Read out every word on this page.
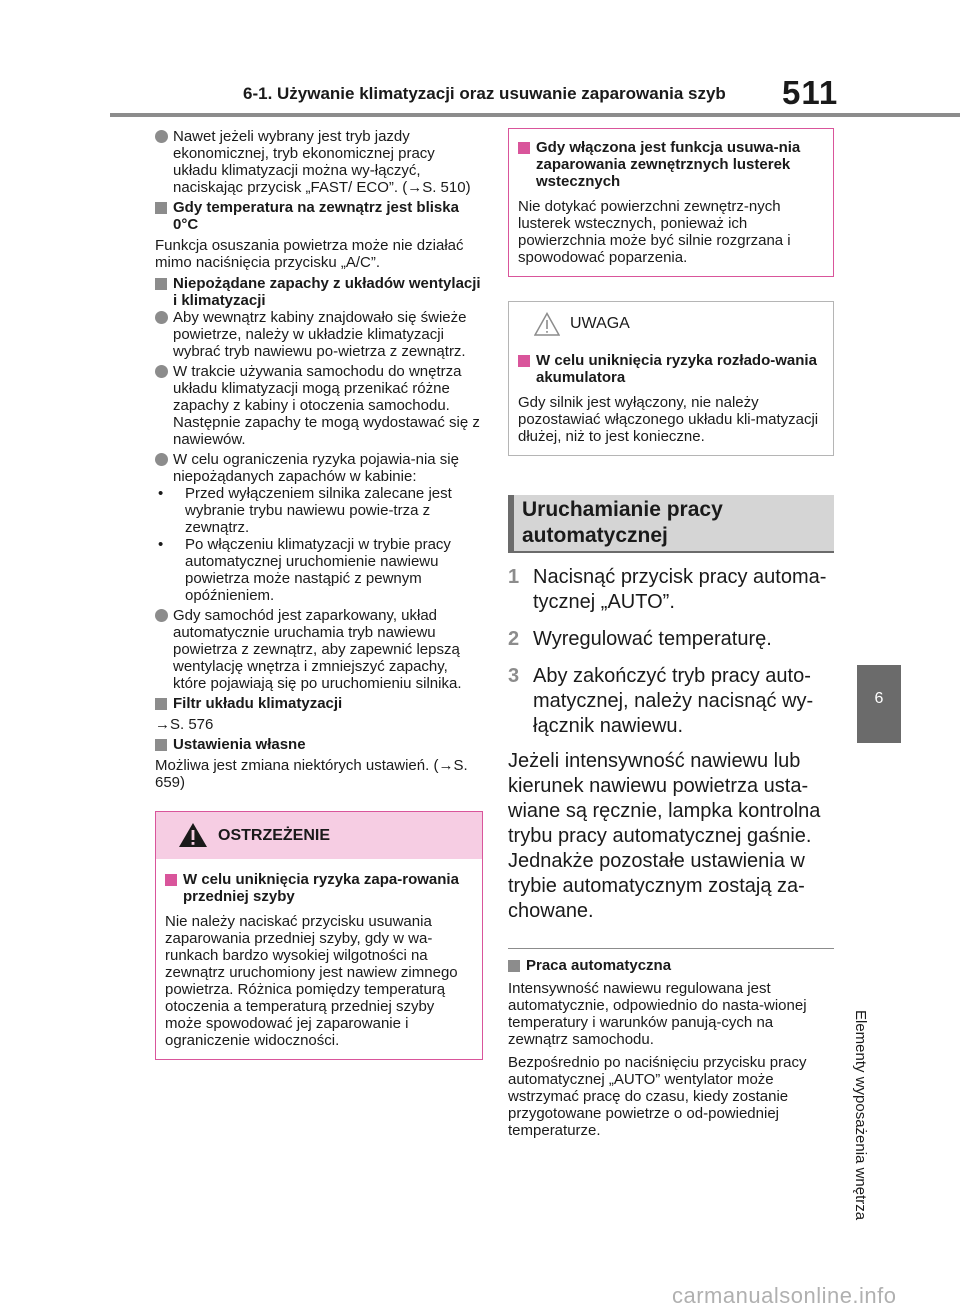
6-1. Używanie klimatyzacji oraz usuwanie zaparowania szyb 511
6
Elementy wyposażenia wnętrza
Nawet jeżeli wybrany jest tryb jazdy ekonomicznej, tryb ekonomicznej pracy układu klimatyzacji można wy-łączyć, naciskając przycisk „FAST/ ECO”. (→S. 510)
Gdy temperatura na zewnątrz jest bliska 0°C
Funkcja osuszania powietrza może nie działać mimo naciśnięcia przycisku „A/C”.
Niepożądane zapachy z układów wentylacji i klimatyzacji
Aby wewnątrz kabiny znajdowało się świeże powietrze, należy w układzie klimatyzacji wybrać tryb nawiewu po-wietrza z zewnątrz.
W trakcie używania samochodu do wnętrza układu klimatyzacji mogą przenikać różne zapachy z kabiny i otoczenia samochodu. Następnie zapachy te mogą wydostawać się z nawiewów.
W celu ograniczenia ryzyka pojawia-nia się niepożądanych zapachów w kabinie:
• Przed wyłączeniem silnika zalecane jest wybranie trybu nawiewu powie-trza z zewnątrz.
• Po włączeniu klimatyzacji w trybie pracy automatycznej uruchomienie nawiewu powietrza może nastąpić z pewnym opóźnieniem.
Gdy samochód jest zaparkowany, układ automatycznie uruchamia tryb nawiewu powietrza z zewnątrz, aby zapewnić lepszą wentylację wnętrza i zmniejszyć zapachy, które pojawiają się po uruchomieniu silnika.
Filtr układu klimatyzacji
→S. 576
Ustawienia własne
Możliwa jest zmiana niektórych ustawień. (→S. 659)
OSTRZEŻENIE
W celu uniknięcia ryzyka zapa-rowania przedniej szyby
Nie należy naciskać przycisku usuwania zaparowania przedniej szyby, gdy w wa-runkach bardzo wysokiej wilgotności na zewnątrz uruchomiony jest nawiew zimnego powietrza. Różnica pomiędzy temperaturą otoczenia a temperaturą przedniej szyby może spowodować jej zaparowanie i ograniczenie widoczności.
Gdy włączona jest funkcja usuwa-nia zaparowania zewnętrznych lusterek wstecznych
Nie dotykać powierzchni zewnętrz-nych lusterek wstecznych, ponieważ ich powierzchnia może być silnie rozgrzana i spowodować poparzenia.
UWAGA
W celu uniknięcia ryzyka rozłado-wania akumulatora
Gdy silnik jest wyłączony, nie należy pozostawiać włączonego układu kli-matyzacji dłużej, niż to jest konieczne.
Uruchamianie pracy automatycznej
1 Nacisnąć przycisk pracy automa-tycznej „AUTO”.
2 Wyregulować temperaturę.
3 Aby zakończyć tryb pracy auto-matycznej, należy nacisnąć wy-łącznik nawiewu.
Jeżeli intensywność nawiewu lub kierunek nawiewu powietrza usta-wiane są ręcznie, lampka kontrolna trybu pracy automatycznej gaśnie. Jednakże pozostałe ustawienia w trybie automatycznym zostają za-chowane.
Praca automatyczna
Intensywność nawiewu regulowana jest automatycznie, odpowiednio do nasta-wionej temperatury i warunków panują-cych na zewnątrz samochodu.
Bezpośrednio po naciśnięciu przycisku pracy automatycznej „AUTO” wentylator może wstrzymać pracę do czasu, kiedy zostanie przygotowane powietrze o od-powiedniej temperaturze.
carmanualsonline.info
